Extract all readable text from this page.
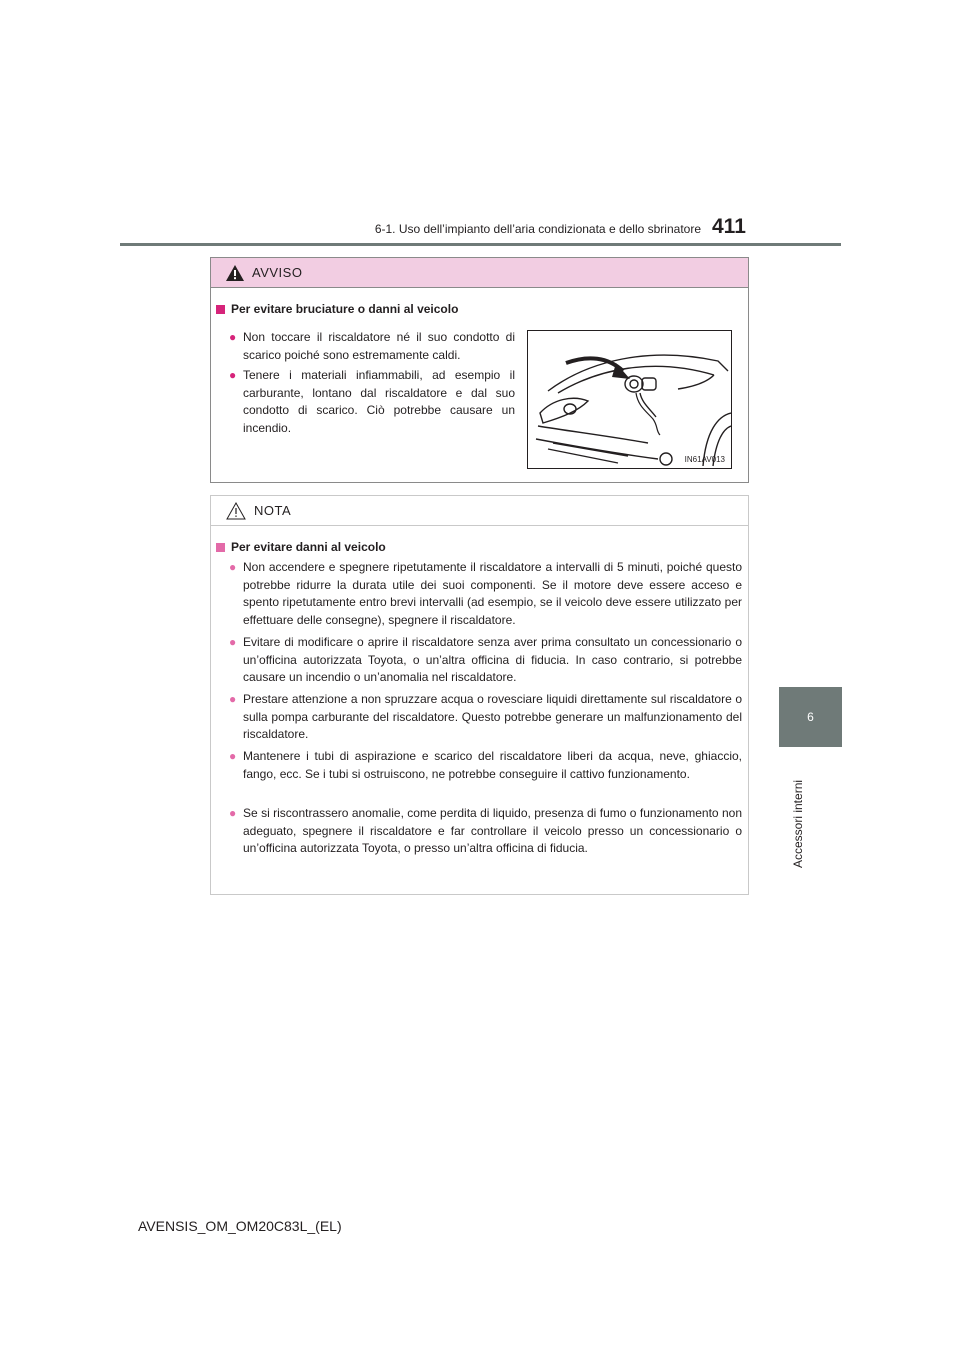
6-1. Uso dell’impianto dell’aria condizionata e dello sbrinatore 411
6
Accessori interni
AVVISO
Per evitare bruciature o danni al veicolo
● Non toccare il riscaldatore né il suo condotto di scarico poiché sono estremamente caldi.
● Tenere i materiali infiammabili, ad esempio il carburante, lontano dal riscaldatore e dal suo condotto di scarico. Ciò potrebbe causare un incendio.
IN61AV013
NOTA
Per evitare danni al veicolo
● Non accendere e spegnere ripetutamente il riscaldatore a intervalli di 5 minuti, poiché questo potrebbe ridurre la durata utile dei suoi componenti. Se il motore deve essere acceso e spento ripetutamente entro brevi intervalli (ad esempio, se il veicolo deve essere utilizzato per effettuare delle consegne), spegnere il riscaldatore.
● Evitare di modificare o aprire il riscaldatore senza aver prima consultato un concessionario o un’officina autorizzata Toyota, o un’altra officina di fiducia. In caso contrario, si potrebbe causare un incendio o un’anomalia nel riscaldatore.
● Prestare attenzione a non spruzzare acqua o rovesciare liquidi direttamente sul riscaldatore o sulla pompa carburante del riscaldatore. Questo potrebbe generare un malfunzionamento del riscaldatore.
● Mantenere i tubi di aspirazione e scarico del riscaldatore liberi da acqua, neve, ghiaccio, fango, ecc. Se i tubi si ostruiscono, ne potrebbe conseguire il cattivo funzionamento.
● Se si riscontrassero anomalie, come perdita di liquido, presenza di fumo o funzionamento non adeguato, spegnere il riscaldatore e far controllare il veicolo presso un concessionario o un’officina autorizzata Toyota, o presso un’altra officina di fiducia.
AVENSIS_OM_OM20C83L_(EL)
